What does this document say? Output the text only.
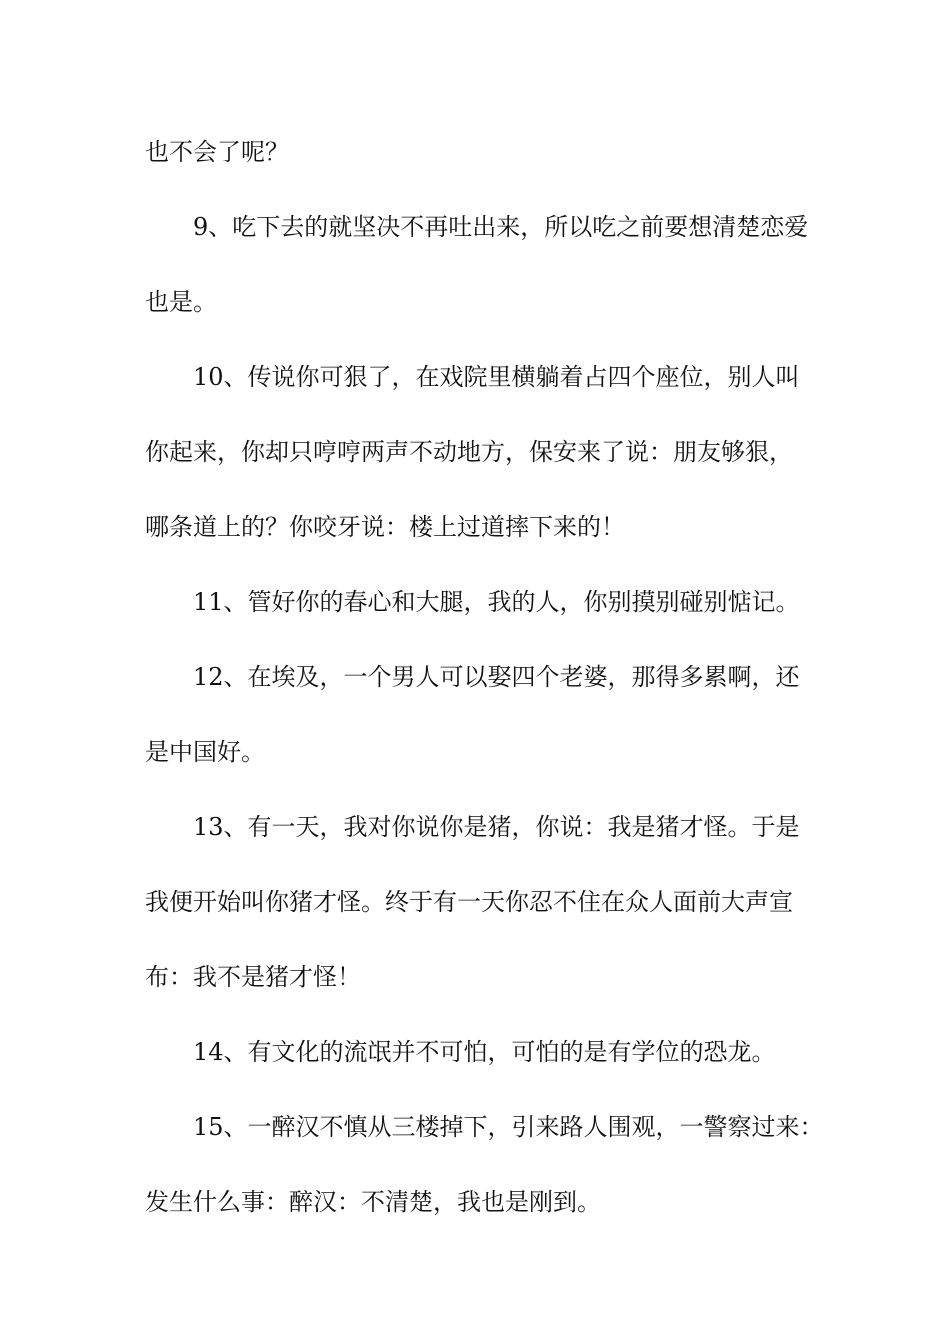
也不会了呢？
9、吃下去的就坚决不再吐出来，所以吃之前要想清楚恋爱
也是。
10、传说你可狠了，在戏院里横躺着占四个座位，别人叫
你起来，你却只哼哼两声不动地方，保安来了说：朋友够狠，
哪条道上的？你咬牙说：楼上过道摔下来的！
11、管好你的春心和大腿，我的人，你别摸别碰别惦记。
12、在埃及，一个男人可以娶四个老婆，那得多累啊，还
是中国好。
13、有一天，我对你说你是猪，你说：我是猪才怪。于是
我便开始叫你猪才怪。终于有一天你忍不住在众人面前大声宣
布：我不是猪才怪！
14、有文化的流氓并不可怕，可怕的是有学位的恐龙。
15、一醉汉不慎从三楼掉下，引来路人围观，一警察过来：
发生什么事：醉汉：不清楚，我也是刚到。
